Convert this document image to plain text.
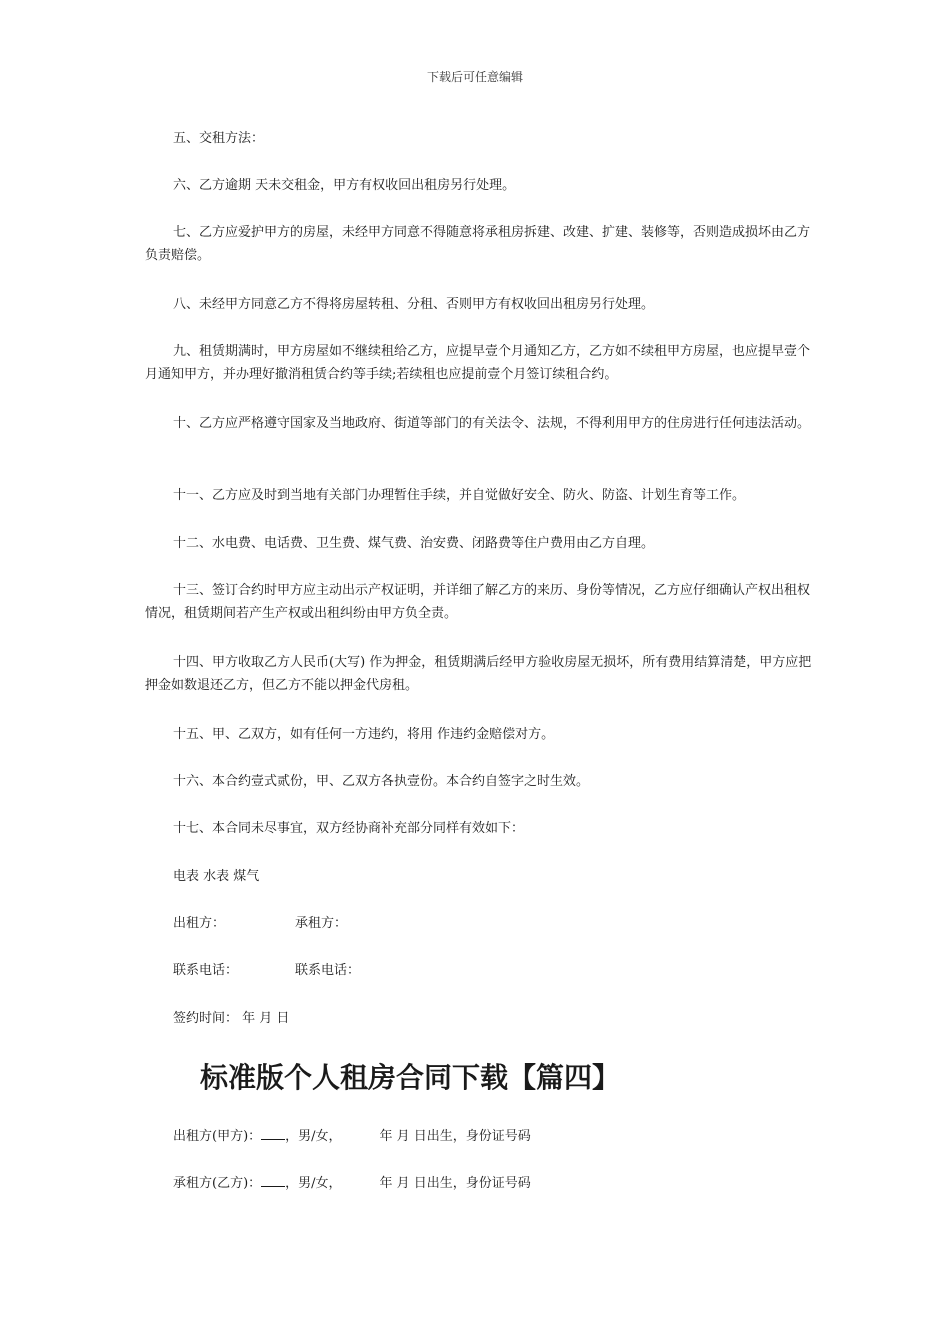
下载后可任意编辑

五、交租方法：

六、乙方逾期 天未交租金，甲方有权收回出租房另行处理。

七、乙方应爱护甲方的房屋，未经甲方同意不得随意将承租房拆建、改建、扩建、装修等，否则造成损坏由乙方负责赔偿。

八、未经甲方同意乙方不得将房屋转租、分租、否则甲方有权收回出租房另行处理。

九、租赁期满时，甲方房屋如不继续租给乙方，应提早壹个月通知乙方，乙方如不续租甲方房屋，也应提早壹个月通知甲方，并办理好撤消租赁合约等手续;若续租也应提前壹个月签订续租合约。

十、乙方应严格遵守国家及当地政府、街道等部门的有关法令、法规，不得利用甲方的住房进行任何违法活动。

十一、乙方应及时到当地有关部门办理暂住手续，并自觉做好安全、防火、防盗、计划生育等工作。

十二、水电费、电话费、卫生费、煤气费、治安费、闭路费等住户费用由乙方自理。

十三、签订合约时甲方应主动出示产权证明，并详细了解乙方的来历、身份等情况，乙方应仔细确认产权出租权情况，租赁期间若产生产权或出租纠纷由甲方负全责。

十四、甲方收取乙方人民币(大写) 作为押金，租赁期满后经甲方验收房屋无损坏，所有费用结算清楚，甲方应把押金如数退还乙方，但乙方不能以押金代房租。

十五、甲、乙双方，如有任何一方违约，将用 作违约金赔偿对方。

十六、本合约壹式贰份，甲、乙双方各执壹份。本合约自签字之时生效。

十七、本合同未尽事宜，双方经协商补充部分同样有效如下：

电表 水表 煤气
出租方：	承租方：
联系电话：	联系电话：
签约时间： 年 月 日
标准版个人租房合同下载【篇四】
出租方(甲方)： ，男/女，	年 月 日出生，身份证号码
承租方(乙方)： ，男/女，	年 月 日出生，身份证号码
